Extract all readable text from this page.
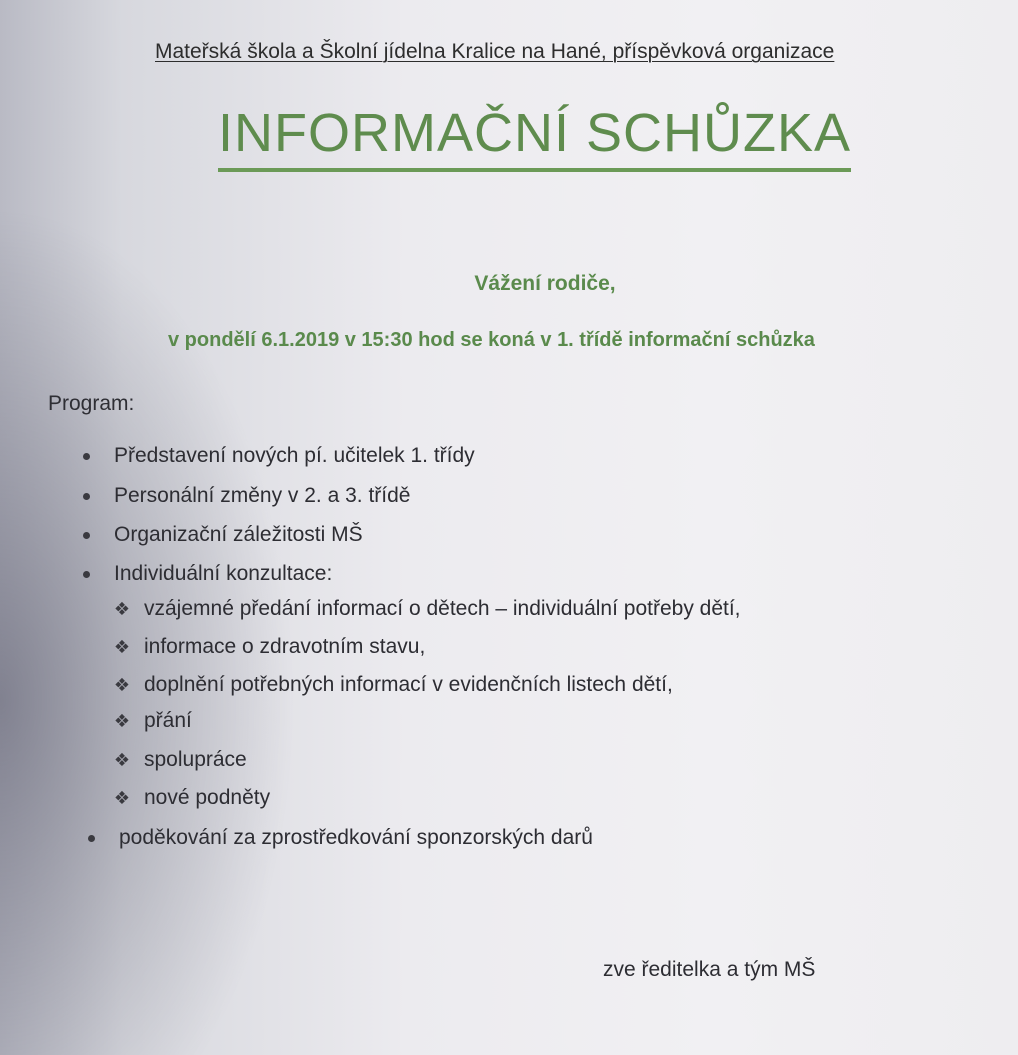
Mateřská škola a Školní jídelna Kralice na Hané, příspěvková organizace
INFORMAČNÍ SCHŮZKA
Vážení rodiče,
v pondělí 6.1.2019 v 15:30 hod se koná v 1. třídě informační schůzka
Program:
Představení nových pí. učitelek 1. třídy
Personální změny v 2. a 3. třídě
Organizační záležitosti MŠ
Individuální konzultace:
❖ vzájemné předání informací o dětech – individuální potřeby dětí,
❖ informace o zdravotním stavu,
❖ doplnění potřebných informací v evidenčních listech dětí,
❖ přání
❖ spolupráce
❖ nové podněty
poděkování za zprostředkování sponzorských darů
zve ředitelka a tým MŠ
